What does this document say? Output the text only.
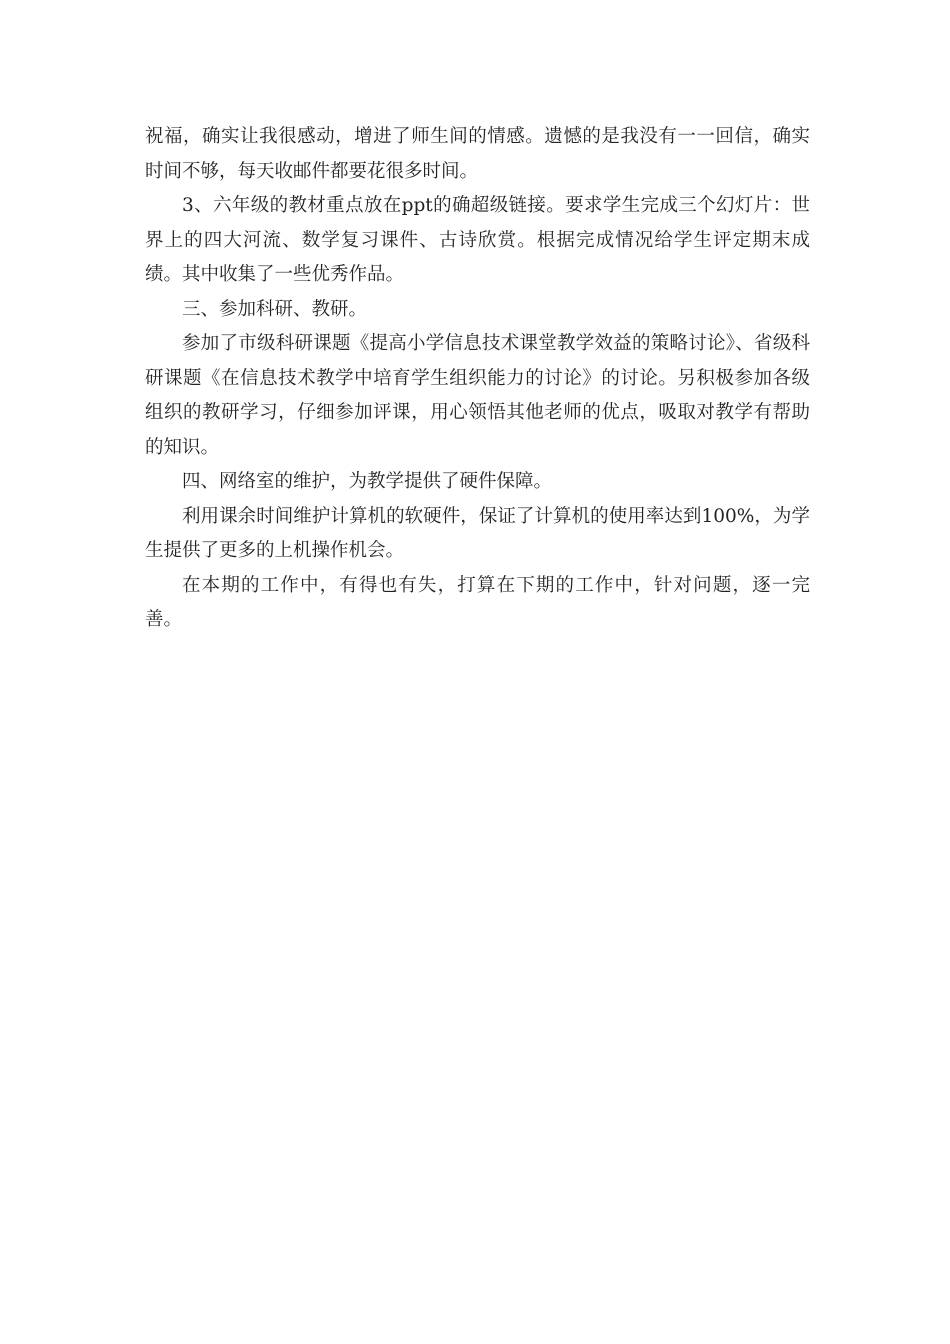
祝福，确实让我很感动，增进了师生间的情感。遗憾的是我没有一一回信，确实时间不够，每天收邮件都要花很多时间。

3、六年级的教材重点放在ppt的确超级链接。要求学生完成三个幻灯片：世界上的四大河流、数学复习课件、古诗欣赏。根据完成情况给学生评定期末成绩。其中收集了一些优秀作品。

三、参加科研、教研。

参加了市级科研课题《提高小学信息技术课堂教学效益的策略讨论》、省级科研课题《在信息技术教学中培育学生组织能力的讨论》的讨论。另积极参加各级组织的教研学习，仔细参加评课，用心领悟其他老师的优点，吸取对教学有帮助的知识。

四、网络室的维护，为教学提供了硬件保障。

利用课余时间维护计算机的软硬件，保证了计算机的使用率达到100%，为学生提供了更多的上机操作机会。

在本期的工作中，有得也有失，打算在下期的工作中，针对问题，逐一完善。
